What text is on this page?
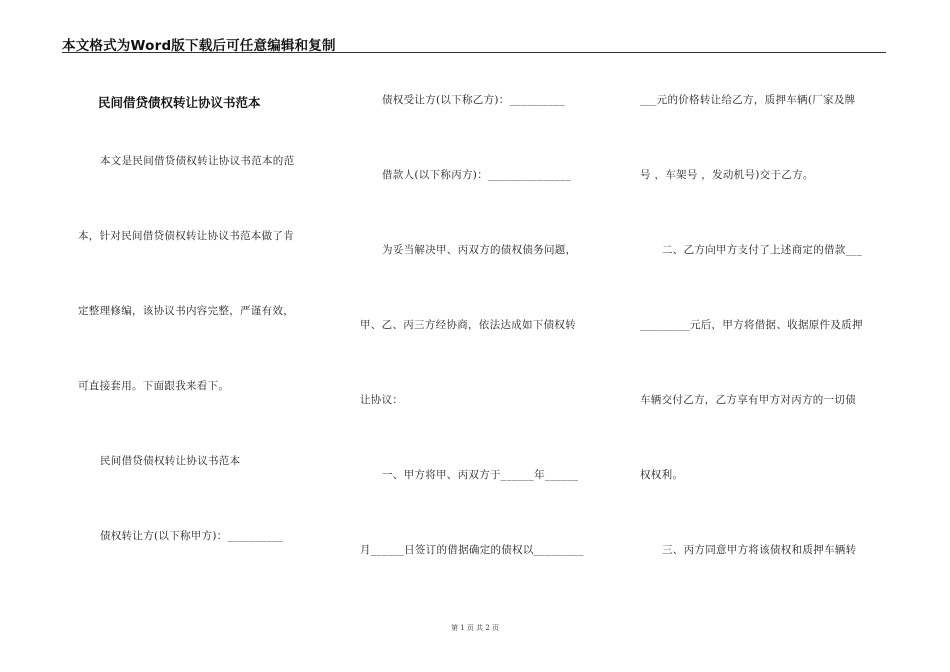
本文格式为Word版下载后可任意编辑和复制
民间借贷债权转让协议书范本
本文是民间借贷债权转让协议书范本的范
本，针对民间借贷债权转让协议书范本做了肯
定整理修编，该协议书内容完整，严谨有效，
可直接套用。下面跟我来看下。
民间借贷债权转让协议书范本
债权转让方(以下称甲方)：__________
债权受让方(以下称乙方)：__________
借款人(以下称丙方)：_______________
为妥当解决甲、丙双方的债权债务问题，
甲、乙、丙三方经协商，依法达成如下债权转
让协议：
一、甲方将甲、丙双方于______年______
月______日签订的借据确定的债权以_________
___元的价格转让给乙方，质押车辆(厂家及牌
号 ，车架号 ，发动机号)交于乙方。
二、乙方向甲方支付了上述商定的借款___
_________元后，甲方将借据、收据原件及质押
车辆交付乙方，乙方享有甲方对丙方的一切债
权权利。
三、丙方同意甲方将该债权和质押车辆转
第 1 页 共 2 页
